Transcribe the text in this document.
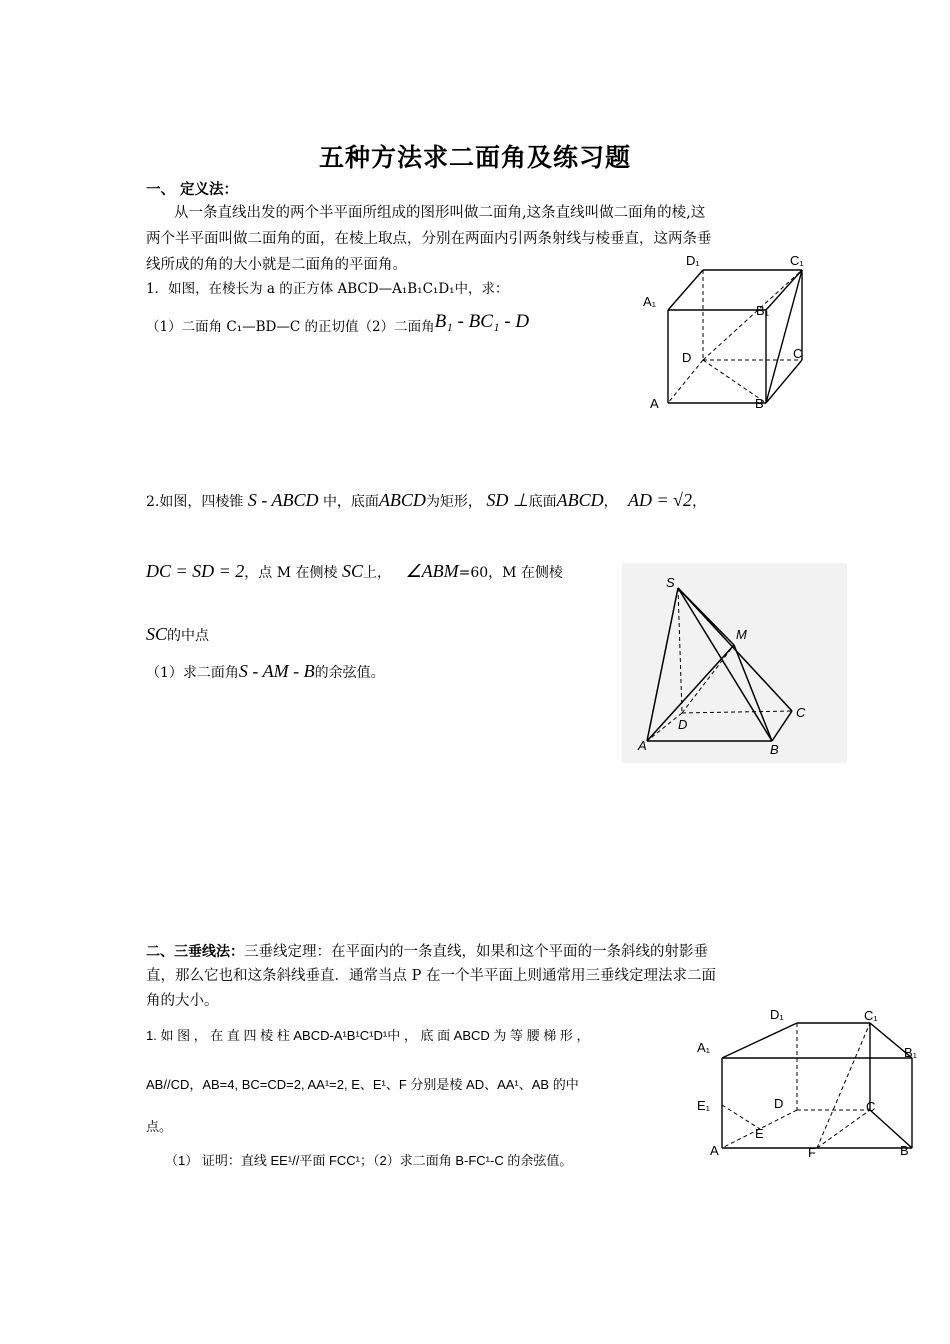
五种方法求二面角及练习题
一、 定义法：
从一条直线出发的两个半平面所组成的图形叫做二面角,这条直线叫做二面角的棱,这
两个半平面叫做二面角的面，在棱上取点，分别在两面内引两条射线与棱垂直，这两条垂
线所成的角的大小就是二面角的平面角。
1．如图，在棱长为 a 的正方体 ABCD—A₁B₁C₁D₁中，求：
（1）二面角 C₁—BD—C 的正切值（2）二面角B₁ - BC₁ - D
D₁	C₁
A₁
B₁
D	C
A	B
2.如图，四棱锥 S - ABCD 中，底面ABCD为矩形， SD ⊥底面ABCD， AD = √2，
DC = SD = 2，点 M 在侧棱 SC上， ∠ABM=60，M 在侧棱
SC的中点
（1）求二面角S - AM - B的余弦值。
S
M
D
C
A	B
二、三垂线法：三垂线定理：在平面内的一条直线，如果和这个平面的一条斜线的射影垂
直，那么它也和这条斜线垂直．通常当点 P 在一个半平面上则通常用三垂线定理法求二面
角的大小。
1. 如 图 ， 在 直 四 棱 柱 ABCD-A¹B¹C¹D¹中 ， 底 面 ABCD 为 等 腰 梯 形 ，
AB//CD，AB=4, BC=CD=2, AA¹=2, E、E¹、F 分别是棱 AD、AA¹、AB 的中
点。
（1） 证明：直线 EE¹//平面 FCC¹；（2）求二面角 B-FC¹-C 的余弦值。
D₁	C₁
A₁	B₁
E₁	D	C
E
A	F	B
